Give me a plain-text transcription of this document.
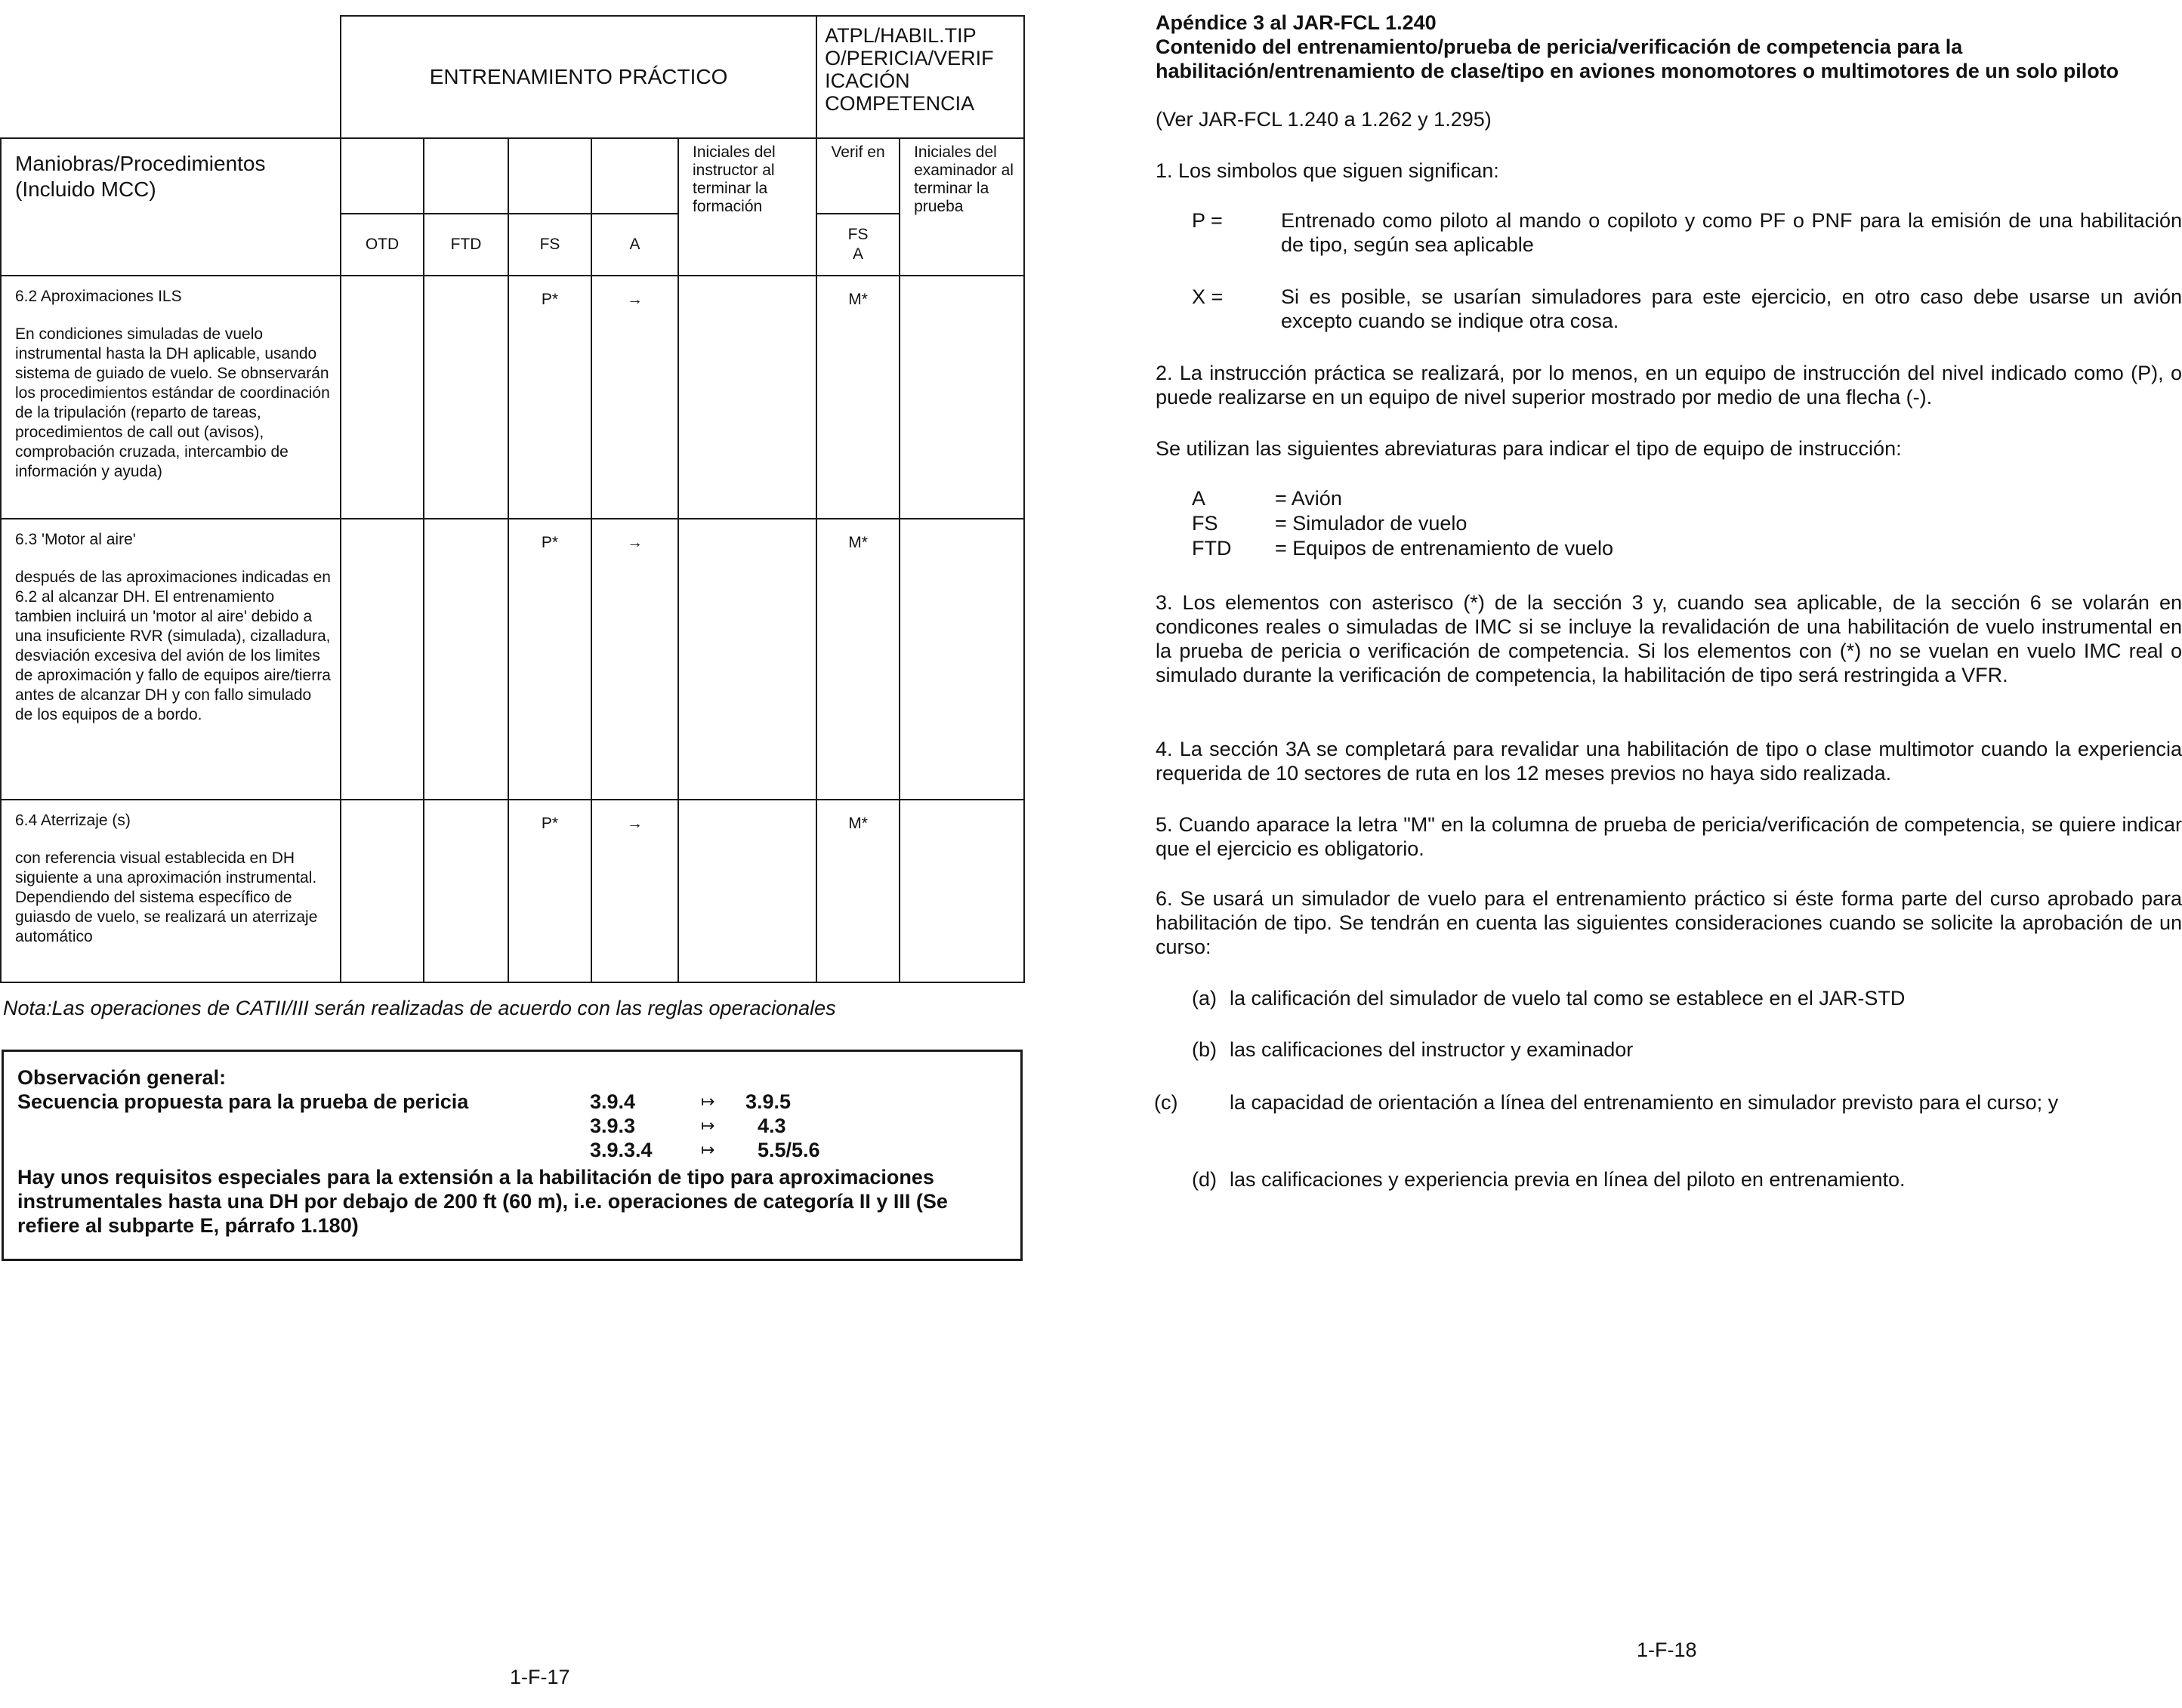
	ENTRENAMIENTO PRÁCTICO					ATPL/HABIL.TIP
O/PERICIA/VERIF
ICACIÓN
COMPETENCIA	

Maniobras/Procedimientos
(Incluido MCC)					Iniciales del instructor al terminar la formación	Verif en	Iniciales del examinador al terminar la prueba
	OTD	FTD	FS	A		FS
A	

6.2 Aproximaciones ILS
En condiciones simuladas de vuelo instrumental hasta la DH aplicable, usando sistema de guiado de vuelo. Se obnservarán los procedimientos estándar de coordinación de la tripulación (reparto de tareas, procedimientos de call out (avisos), comprobación cruzada, intercambio de información y ayuda)			P*	→		M*	

6.3 'Motor al aire'
después de las aproximaciones indicadas en 6.2 al alcanzar DH. El entrenamiento tambien incluirá un 'motor al aire' debido a una insuficiente RVR (simulada), cizalladura, desviación excesiva del avión de los limites de aproximación y fallo de equipos aire/tierra antes de alcanzar DH y con fallo simulado de los equipos de a bordo.			P*	→		M*	

6.4 Aterrizaje (s)
con referencia visual establecida en DH siguiente a una aproximación instrumental. Dependiendo del sistema específico de guiasdo de vuelo, se realizará un aterrizaje automático			P*	→		M*	
Nota:Las operaciones de CATII/III serán realizadas de acuerdo con las reglas operacionales
Observación general:
Secuencia propuesta para la prueba de pericia	3.9.4	↦ 3.9.5
3.9.3	↦ 4.3
3.9.3.4	↦ 5.5/5.6
Hay unos requisitos especiales para la extensión a la habilitación de tipo para aproximaciones instrumentales hasta una DH por debajo de 200 ft (60 m), i.e. operaciones de categoría II y III (Se refiere al subparte E, párrafo 1.180)
1-F-17
Apéndice 3 al JAR-FCL 1.240
Contenido del entrenamiento/prueba de pericia/verificación de competencia para la habilitación/entrenamiento de clase/tipo en aviones monomotores o multimotores de un solo piloto
(Ver JAR-FCL 1.240 a 1.262 y 1.295)
1. Los simbolos que siguen significan:
P =	Entrenado como piloto al mando o copiloto y como PF o PNF para la emisión de una habilitación de tipo, según sea aplicable
X =	Si es posible, se usarían simuladores para este ejercicio, en otro caso debe usarse un avión excepto cuando se indique otra cosa.
2. La instrucción práctica se realizará, por lo menos, en un equipo de instrucción del nivel indicado como (P), o puede realizarse en un equipo de nivel superior mostrado por medio de una flecha (-).
Se utilizan las siguientes abreviaturas para indicar el tipo de equipo de instrucción:
A	= Avión
FS	= Simulador de vuelo
FTD = Equipos de entrenamiento de vuelo
3. Los elementos con asterisco (*) de la sección 3 y, cuando sea aplicable, de la sección 6 se volarán en condicones reales o simuladas de IMC si se incluye la revalidación de una habilitación de vuelo instrumental en la prueba de pericia o verificación de competencia. Si los elementos con (*) no se vuelan en vuelo IMC real o simulado durante la verificación de competencia, la habilitación de tipo será restringida a VFR.
4. La sección 3A se completará para revalidar una habilitación de tipo o clase multimotor cuando la experiencia requerida de 10 sectores de ruta en los 12 meses previos no haya sido realizada.
5. Cuando aparace la letra "M" en la columna de prueba de pericia/verificación de competencia, se quiere indicar que el ejercicio es obligatorio.
6. Se usará un simulador de vuelo para el entrenamiento práctico si éste forma parte del curso aprobado para habilitación de tipo. Se tendrán en cuenta las siguientes consideraciones cuando se solicite la aprobación de un curso:
(a) la calificación del simulador de vuelo tal como se establece en el JAR-STD
(b) las calificaciones del instructor y examinador
(c)	la capacidad de orientación a línea del entrenamiento en simulador previsto para el curso; y
(d) las calificaciones y experiencia previa en línea del piloto en entrenamiento.
1-F-18
